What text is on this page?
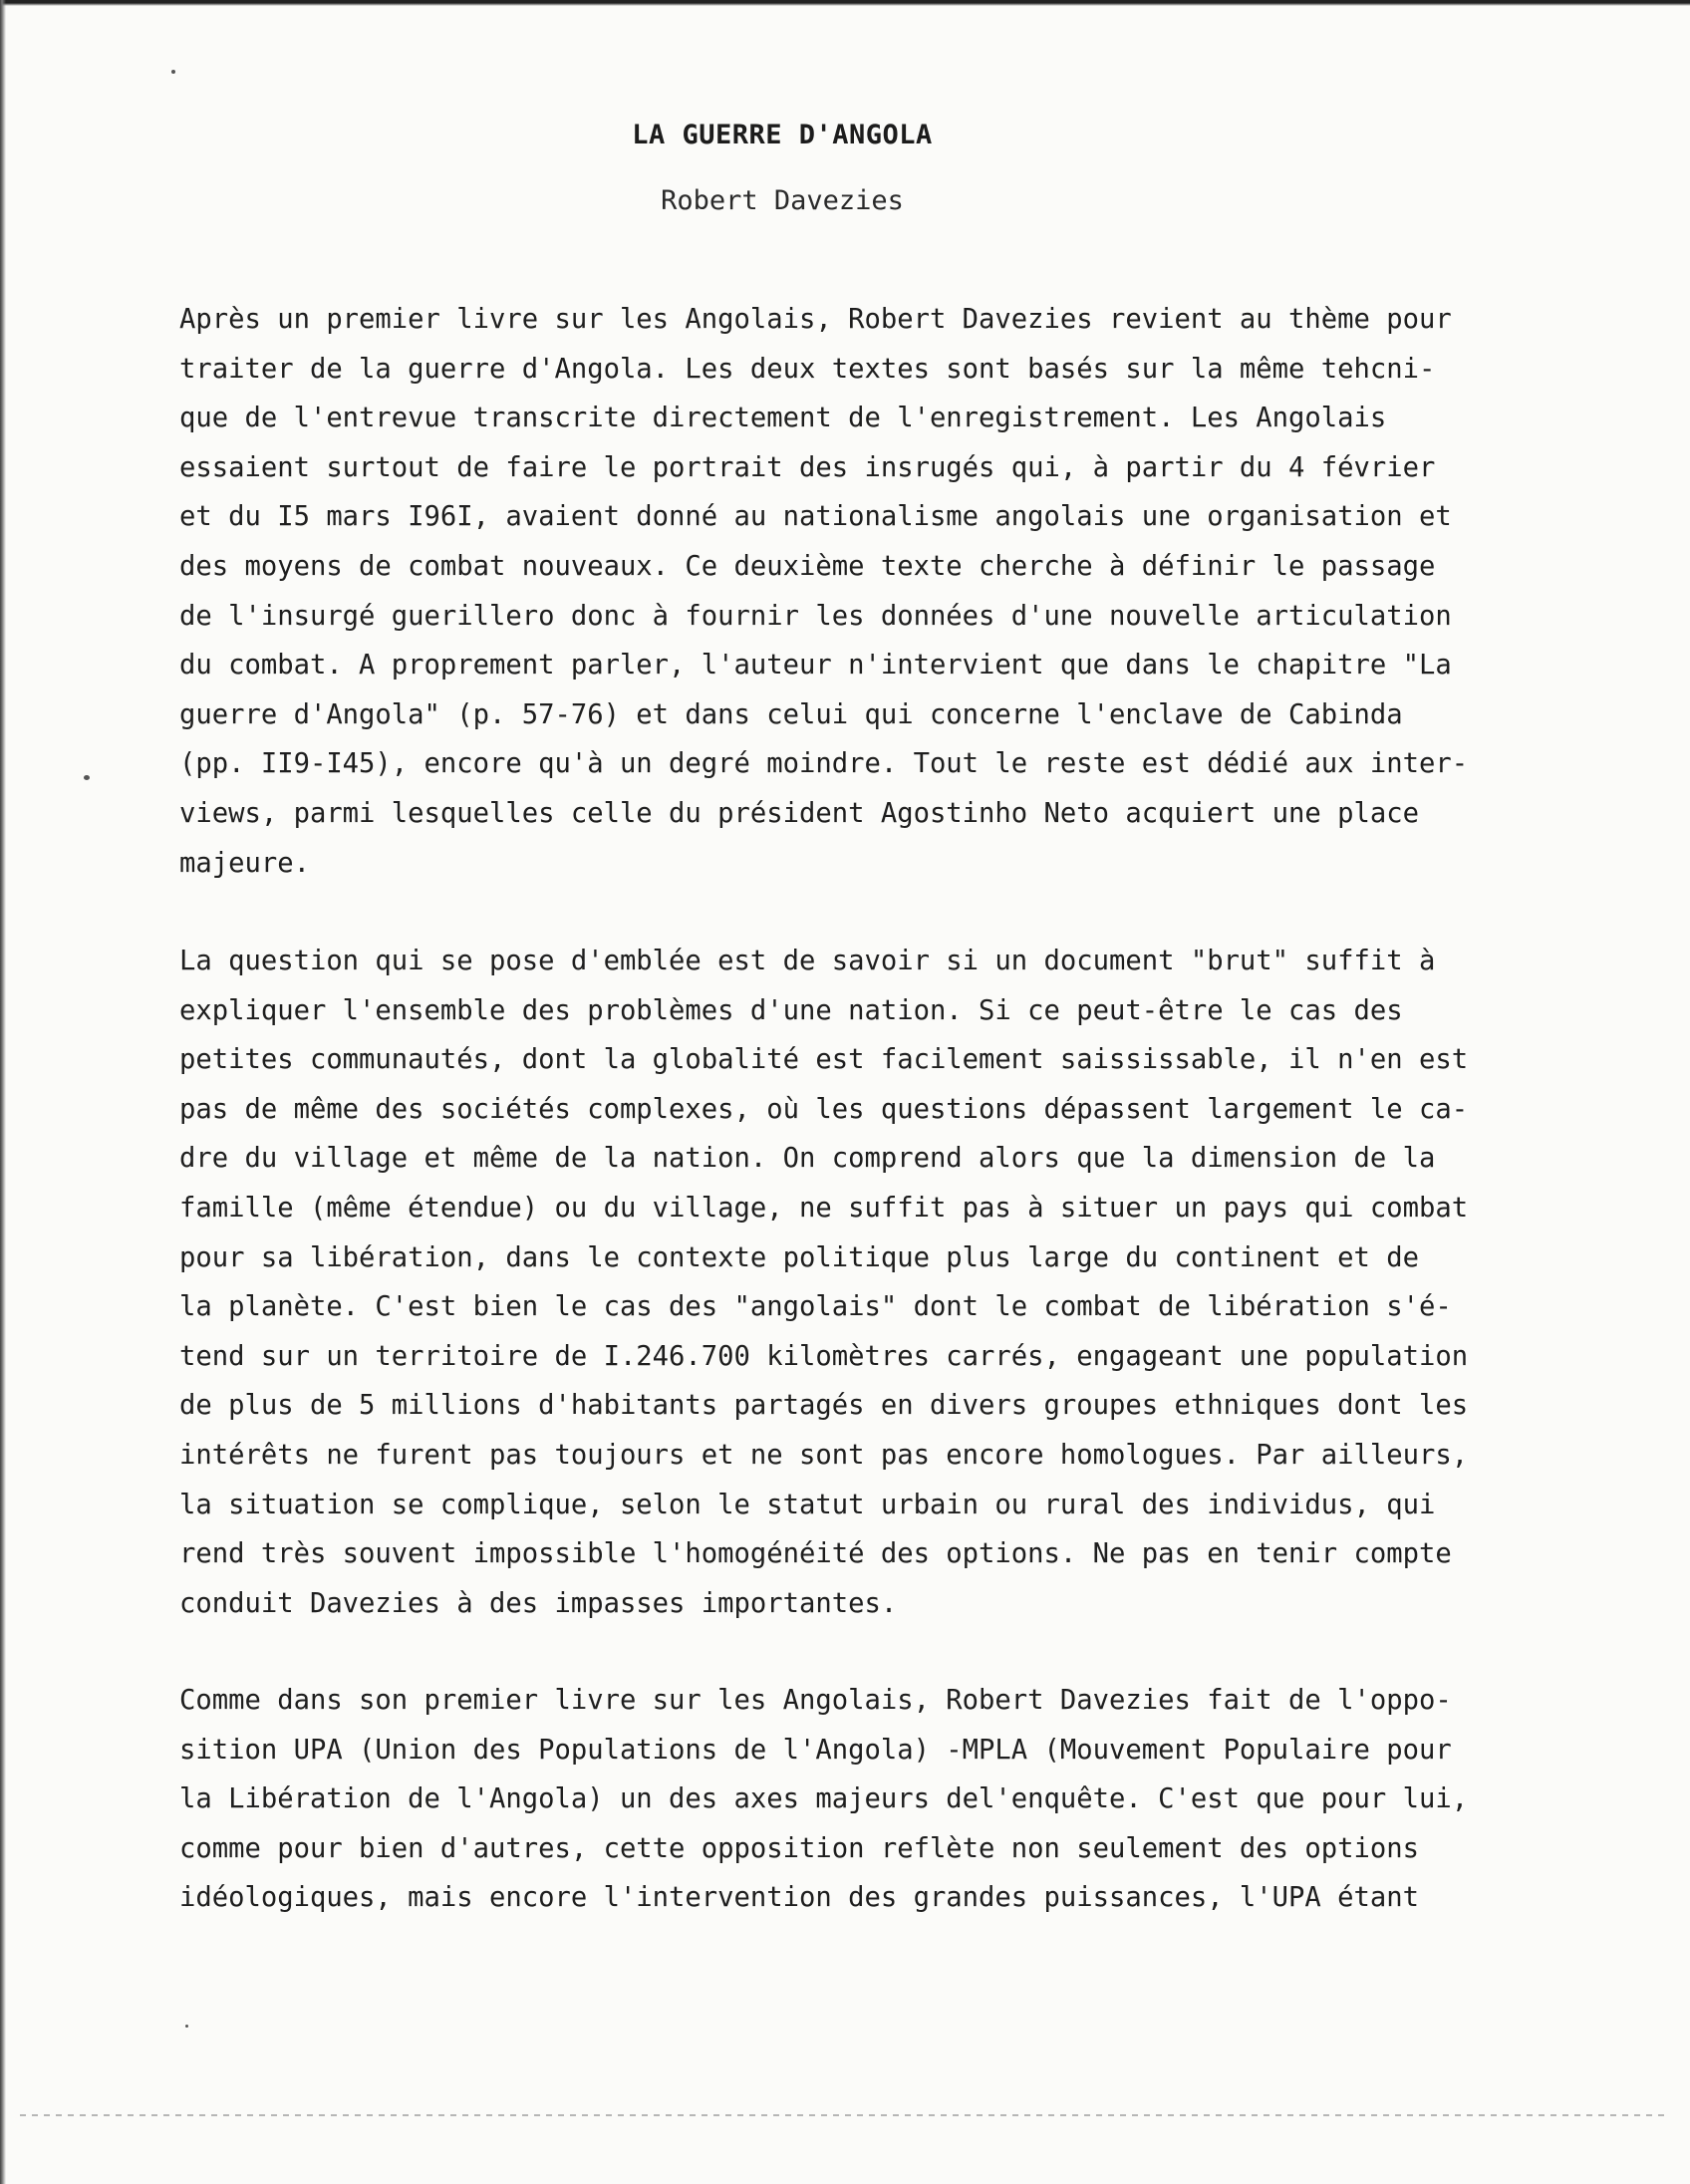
LA GUERRE D'ANGOLA
Robert Davezies
Après un premier livre sur les Angolais, Robert Davezies revient au thème pour
traiter de la guerre d'Angola. Les deux textes sont basés sur la même tehcni-
que de l'entrevue transcrite directement de l'enregistrement. Les Angolais
essaient surtout de faire le portrait des insrugés qui, à partir du 4 février
et du I5 mars I96I, avaient donné au nationalisme angolais une organisation et
des moyens de combat nouveaux. Ce deuxième texte cherche à définir le passage
de l'insurgé guerillero donc à fournir les données d'une nouvelle articulation
du combat. A proprement parler, l'auteur n'intervient que dans le chapitre "La
guerre d'Angola" (p. 57-76) et dans celui qui concerne l'enclave de Cabinda
(pp. II9-I45), encore qu'à un degré moindre. Tout le reste est dédié aux inter-
views, parmi lesquelles celle du président Agostinho Neto acquiert une place
majeure.
La question qui se pose d'emblée est de savoir si un document "brut" suffit à
expliquer l'ensemble des problèmes d'une nation. Si ce peut-être le cas des
petites communautés, dont la globalité est facilement saississable, il n'en est
pas de même des sociétés complexes, où les questions dépassent largement le ca-
dre du village et même de la nation. On comprend alors que la dimension de la
famille (même étendue) ou du village, ne suffit pas à situer un pays qui combat
pour sa libération, dans le contexte politique plus large du continent et de
la planète. C'est bien le cas des "angolais" dont le combat de libération s'é-
tend sur un territoire de I.246.700 kilomètres carrés, engageant une population
de plus de 5 millions d'habitants partagés en divers groupes ethniques dont les
intérêts ne furent pas toujours et ne sont pas encore homologues. Par ailleurs,
la situation se complique, selon le statut urbain ou rural des individus, qui
rend très souvent impossible l'homogénéité des options. Ne pas en tenir compte
conduit Davezies à des impasses importantes.
Comme dans son premier livre sur les Angolais, Robert Davezies fait de l'oppo-
sition UPA (Union des Populations de l'Angola) -MPLA (Mouvement Populaire pour
la Libération de l'Angola) un des axes majeurs del'enquête. C'est que pour lui,
comme pour bien d'autres, cette opposition reflète non seulement des options
idéologiques, mais encore l'intervention des grandes puissances, l'UPA étant
